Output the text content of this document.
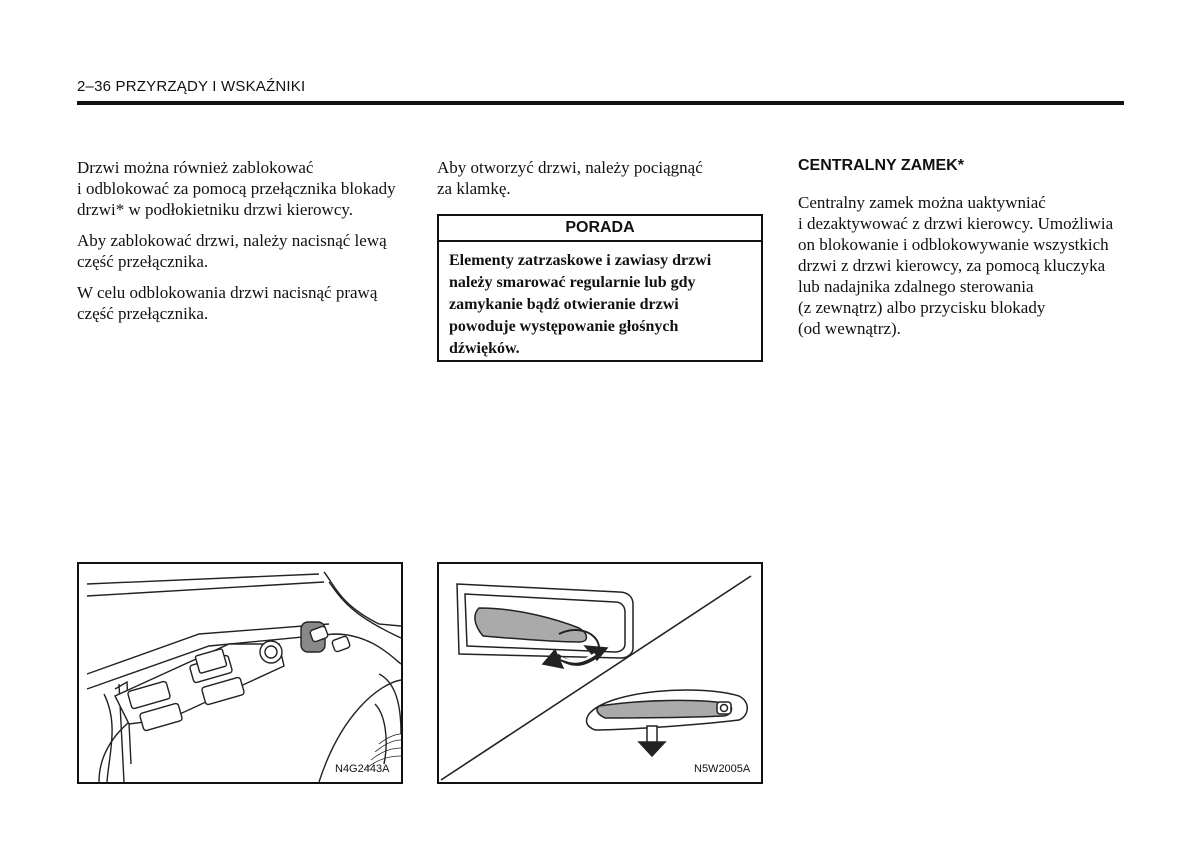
2–36 PRZYRZĄDY I WSKAŹNIKI

Drzwi można również zablokować
i odblokować za pomocą przełącznika blokady
drzwi* w podłokietniku drzwi kierowcy.

Aby zablokować drzwi, należy nacisnąć lewą
część przełącznika.

W celu odblokowania drzwi nacisnąć prawą
część przełącznika.

Aby otworzyć drzwi, należy pociągnąć
za klamkę.

PORADA
Elementy zatrzaskowe i zawiasy drzwi
należy smarować regularnie lub gdy
zamykanie bądź otwieranie drzwi
powoduje występowanie głośnych
dźwięków.
CENTRALNY ZAMEK*

Centralny zamek można uaktywniać
i dezaktywować z drzwi kierowcy. Umożliwia
on blokowanie i odblokowywanie wszystkich
drzwi z drzwi kierowcy, za pomocą kluczyka
lub nadajnika zdalnego sterowania
(z zewnątrz) albo przycisku blokady
(od wewnątrz).

N4G2443A	N5W2005A
